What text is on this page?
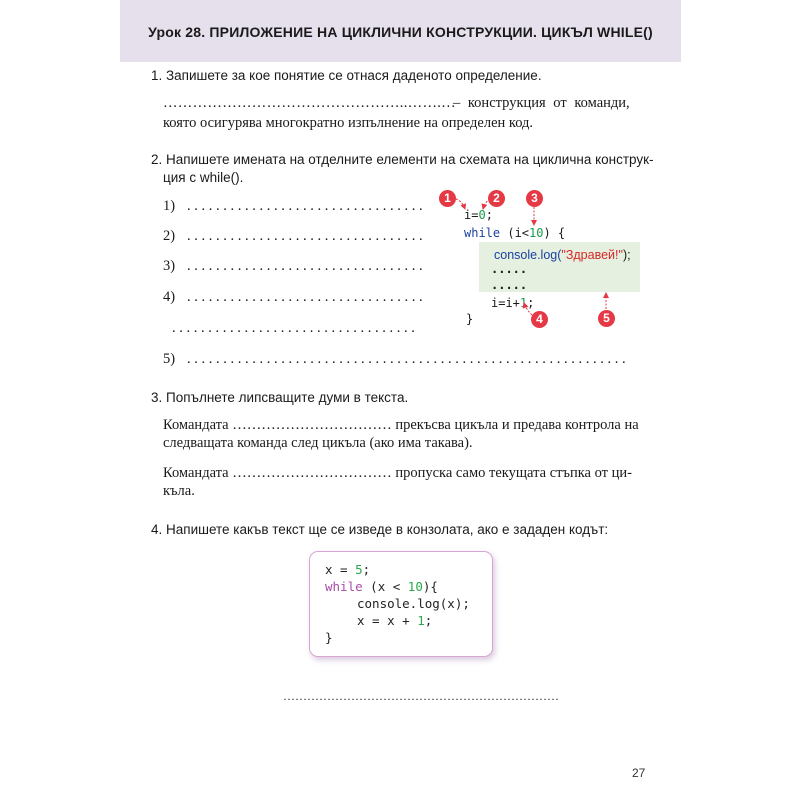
Урок 28. ПРИЛОЖЕНИЕ НА ЦИКЛИЧНИ КОНСТРУКЦИИ. ЦИКЪЛ WHILE()
1. Запишете за кое понятие се отнася даденото определение.
…………………………………………..…….…
– конструкция от команди,
която осигурява многократно изпълнение на определен код.
2. Напишете имената на отделните елементи на схемата на циклична конструк-
ция с while().
1) . . . . . . . . . . . . . . . . . . . . . . . . . . . . . . . . .
2) . . . . . . . . . . . . . . . . . . . . . . . . . . . . . . . . .
3) . . . . . . . . . . . . . . . . . . . . . . . . . . . . . . . . .
4) . . . . . . . . . . . . . . . . . . . . . . . . . . . . . . . . .
. . . . . . . . . . . . . . . . . . . . . . . . . . . . . . . . . .
5) . . . . . . . . . . . . . . . . . . . . . . . . . . . . . . . . . . . . . . . . . . . . . . . . . . . . . . . . . . . . .
i=0;
while (i<10) {
console.log("Здравей!");
.....
.....
i=i+1;
}
1	2	3
4	5
3. Попълнете липсващите думи в текста.
Командата …………………………… прекъсва цикъла и предава контрола на
следващата команда след цикъла (ако има такава).
Командата …………………………… пропуска само текущата стъпка от ци-
къла.
4. Напишете какъв текст ще се изведе в конзолата, ако е зададен кодът:
x = 5;
while (x < 10){
console.log(x);
x = x + 1;
}
……………………………………………………………
27
